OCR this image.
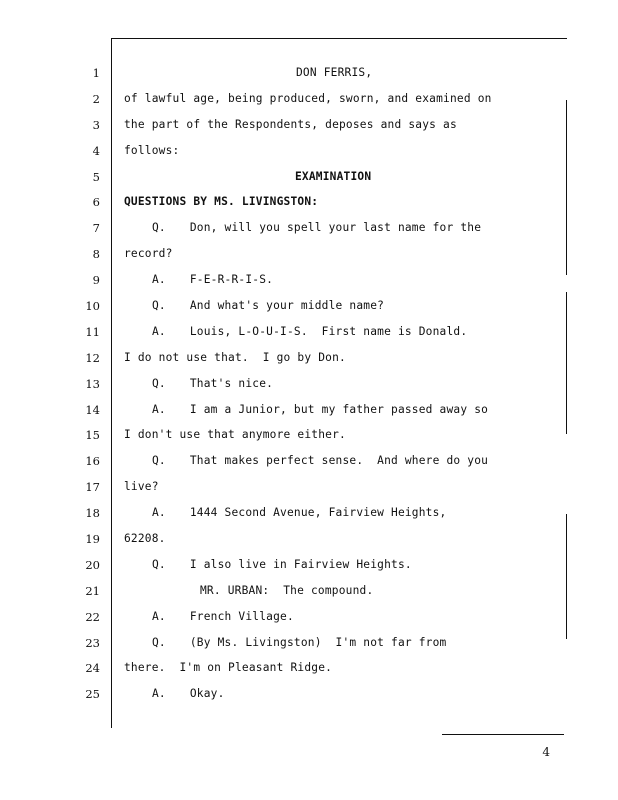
1	DON FERRIS,
2 of lawful age, being produced, sworn, and examined on
3 the part of the Respondents, deposes and says as
4 follows:
5	EXAMINATION
6 QUESTIONS BY MS. LIVINGSTON:
7	Q. Don, will you spell your last name for the
8 record?
9	A. F-E-R-R-I-S.
10	Q. And what's your middle name?
11	A. Louis, L-O-U-I-S.  First name is Donald.
12 I do not use that.  I go by Don.
13	Q. That's nice.
14	A. I am a Junior, but my father passed away so
15 I don't use that anymore either.
16	Q. That makes perfect sense.  And where do you
17 live?
18	A. 1444 Second Avenue, Fairview Heights,
19 62208.
20	Q. I also live in Fairview Heights.
21	MR. URBAN:  The compound.
22	A. French Village.
23	Q. (By Ms. Livingston)  I'm not far from
24 there.  I'm on Pleasant Ridge.
25	A. Okay.
4
